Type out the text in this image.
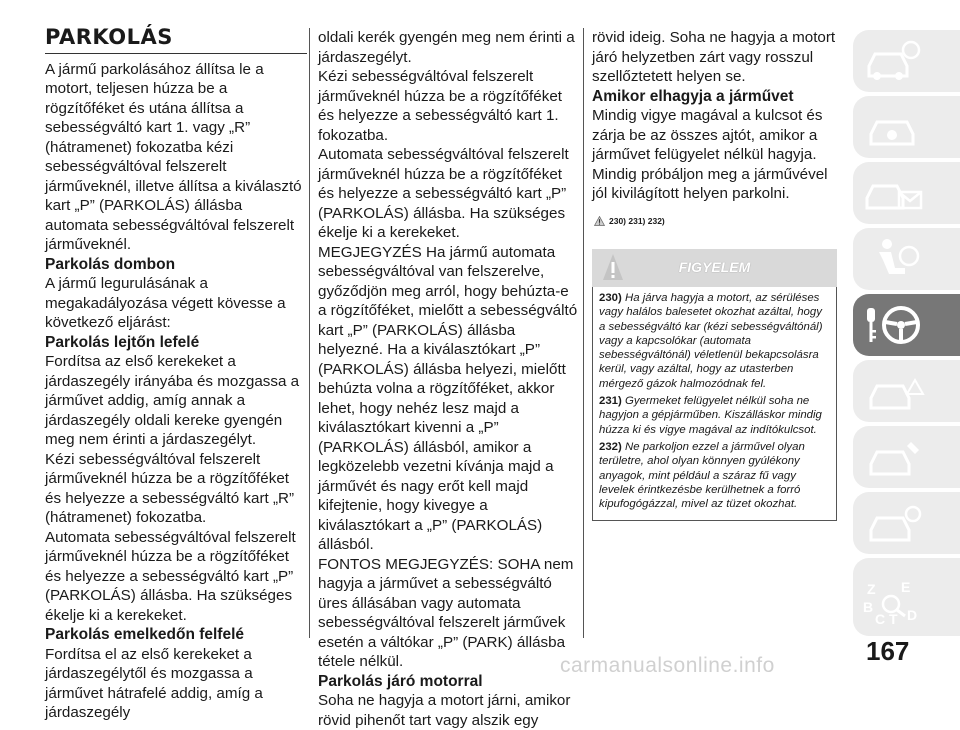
PARKOLÁS

A jármű parkolásához állítsa le a motort, teljesen húzza be a rögzítőféket és utána állítsa a sebességváltó kart 1. vagy „R” (hátramenet) fokozatba kézi sebességváltóval felszerelt járműveknél, illetve állítsa a kiválasztó kart „P” (PARKOLÁS) állásba automata sebességváltóval felszerelt járműveknél.

Parkolás dombon

A jármű legurulásának a megakadályozása végett kövesse a következő eljárást:

Parkolás lejtőn lefelé

Fordítsa az első kerekeket a járdaszegély irányába és mozgassa a járművet addig, amíg annak a járdaszegély oldali kereke gyengén meg nem érinti a járdaszegélyt.

Kézi sebességváltóval felszerelt járműveknél húzza be a rögzítőféket és helyezze a sebességváltó kart „R” (hátramenet) fokozatba.

Automata sebességváltóval felszerelt járműveknél húzza be a rögzítőféket és helyezze a sebességváltó kart „P” (PARKOLÁS) állásba. Ha szükséges ékelje ki a kerekeket.

Parkolás emelkedőn felfelé

Fordítsa el az első kerekeket a járdaszegélytől és mozgassa a járművet hátrafelé addig, amíg a járdaszegély

oldali kerék gyengén meg nem érinti a járdaszegélyt.

Kézi sebességváltóval felszerelt járműveknél húzza be a rögzítőféket és helyezze a sebességváltó kart 1. fokozatba.

Automata sebességváltóval felszerelt járműveknél húzza be a rögzítőféket és helyezze a sebességváltó kart „P” (PARKOLÁS) állásba. Ha szükséges ékelje ki a kerekeket.

MEGJEGYZÉS Ha jármű automata sebességváltóval van felszerelve, győződjön meg arról, hogy behúzta-e a rögzítőféket, mielőtt a sebességváltó kart „P” (PARKOLÁS) állásba helyezné. Ha a kiválasztókart „P” (PARKOLÁS) állásba helyezi, mielőtt behúzta volna a rögzítőféket, akkor lehet, hogy nehéz lesz majd a kiválasztókart kivenni a „P” (PARKOLÁS) állásból, amikor a legközelebb vezetni kívánja majd a járművét és nagy erőt kell majd kifejtenie, hogy kivegye a kiválasztókart a „P” (PARKOLÁS) állásból.

FONTOS MEGJEGYZÉS: SOHA nem hagyja a járművet a sebességváltó üres állásában vagy automata sebességváltóval felszerelt járművek esetén a váltókar „P” (PARK) állásba tétele nélkül.

Parkolás járó motorral

Soha ne hagyja a motort járni, amikor rövid pihenőt tart vagy alszik egy

rövid ideig. Soha ne hagyja a motort járó helyzetben zárt vagy rosszul szellőztetett helyen se.

Amikor elhagyja a járművet

Mindig vigye magával a kulcsot és zárja be az összes ajtót, amikor a járművet felügyelet nélkül hagyja. Mindig próbáljon meg a járművével jól kivilágított helyen parkolni.

230) 231) 232)
FIGYELEM

230) Ha járva hagyja a motort, az sérüléses vagy halálos balesetet okozhat azáltal, hogy a sebességváltó kar (kézi sebességváltónál) vagy a kapcsolókar (automata sebességváltónál) véletlenül bekapcsolásra kerül, vagy azáltal, hogy az utasterben mérgező gázok halmozódnak fel.

231) Gyermeket felügyelet nélkül soha ne hagyjon a gépjárműben. Kiszálláskor mindig húzza ki és vigye magával az indítókulcsot.

232) Ne parkoljon ezzel a járművel olyan területre, ahol olyan könnyen gyúlékony anyagok, mint például a száraz fű vagy levelek érintkezésbe kerülhetnek a forró kipufogógázzal, mivel az tüzet okozhat.

Z E
B
C T D
167
carmanualsonline.info
